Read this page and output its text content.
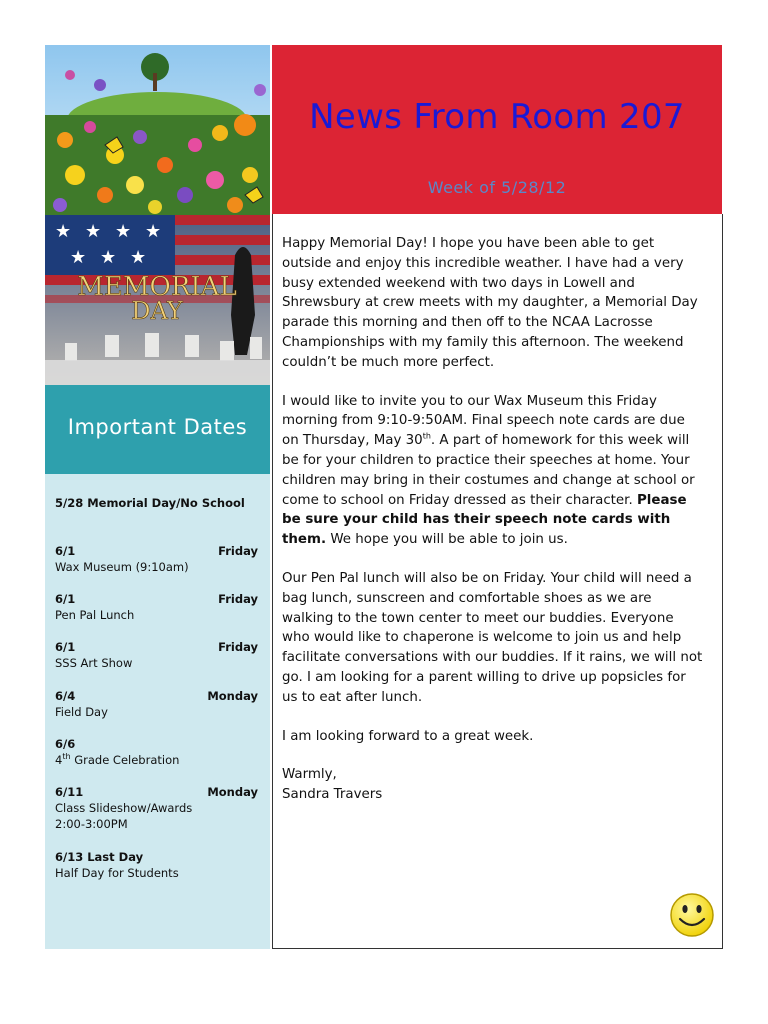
★ ★ ★ ★
★ ★ ★
MEMORIAL
DAY
Important Dates
5/28 Memorial Day/No School
6/1	Friday
Wax Museum (9:10am)
6/1	Friday
Pen Pal Lunch
6/1	Friday
SSS Art Show
6/4	Monday
Field Day
6/6
4th Grade Celebration
6/11	Monday
Class Slideshow/Awards
2:00-3:00PM
6/13 Last Day
Half Day for Students
News From Room 207
Week of 5/28/12

Happy Memorial Day! I hope you have been able to get outside and enjoy this incredible weather. I have had a very busy extended weekend with two days in Lowell and Shrewsbury at crew meets with my daughter, a Memorial Day parade this morning and then off to the NCAA Lacrosse Championships with my family this afternoon. The weekend couldn’t be much more perfect.

I would like to invite you to our Wax Museum this Friday morning from 9:10-9:50AM. Final speech note cards are due on Thursday, May 30th. A part of homework for this week will be for your children to practice their speeches at home. Your children may bring in their costumes and change at school or come to school on Friday dressed as their character. Please be sure your child has their speech note cards with them. We hope you will be able to join us.

Our Pen Pal lunch will also be on Friday. Your child will need a bag lunch, sunscreen and comfortable shoes as we are walking to the town center to meet our buddies. Everyone who would like to chaperone is welcome to join us and help facilitate conversations with our buddies. If it rains, we will not go. I am looking for a parent willing to drive up popsicles for us to eat after lunch.

I am looking forward to a great week.

Warmly,
Sandra Travers
